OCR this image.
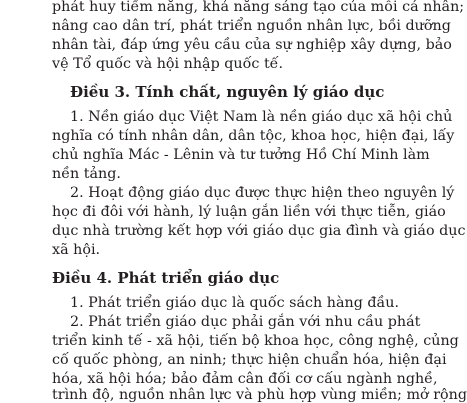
phát huy tiềm năng, khả năng sáng tạo của mỗi cá nhân;
nâng cao dân trí, phát triển nguồn nhân lực, bồi dưỡng
nhân tài, đáp ứng yêu cầu của sự nghiệp xây dựng, bảo
vệ Tổ quốc và hội nhập quốc tế.
Điều 3. Tính chất, nguyên lý giáo dục
1. Nền giáo dục Việt Nam là nền giáo dục xã hội chủ
nghĩa có tính nhân dân, dân tộc, khoa học, hiện đại, lấy
chủ nghĩa Mác - Lênin và tư tưởng Hồ Chí Minh làm
nền tảng.
2. Hoạt động giáo dục được thực hiện theo nguyên lý
học đi đôi với hành, lý luận gắn liền với thực tiễn, giáo
dục nhà trường kết hợp với giáo dục gia đình và giáo dục
xã hội.
Điều 4. Phát triển giáo dục
1. Phát triển giáo dục là quốc sách hàng đầu.
2. Phát triển giáo dục phải gắn với nhu cầu phát
triển kinh tế - xã hội, tiến bộ khoa học, công nghệ, củng
cố quốc phòng, an ninh; thực hiện chuẩn hóa, hiện đại
hóa, xã hội hóa; bảo đảm cân đối cơ cấu ngành nghề,
trình độ, nguồn nhân lực và phù hợp vùng miền; mở rộng
